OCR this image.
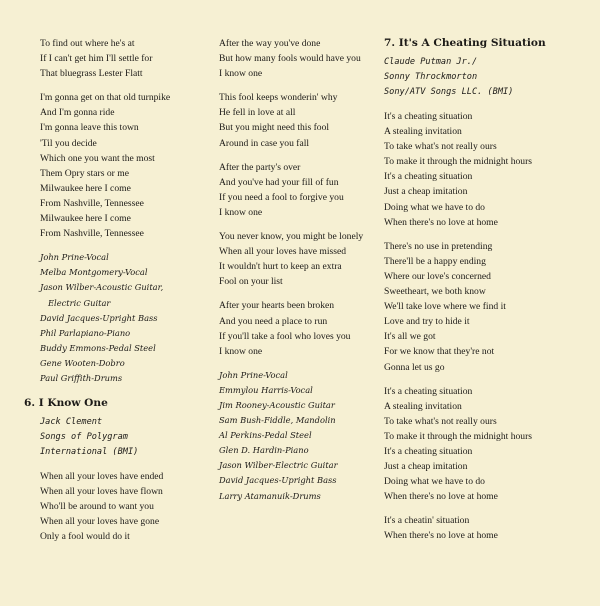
To find out where he's at
If I can't get him I'll settle for
That bluegrass Lester Flatt
I'm gonna get on that old turnpike
And I'm gonna ride
I'm gonna leave this town
'Til you decide
Which one you want the most
Them Opry stars or me
Milwaukee here I come
From Nashville, Tennessee
Milwaukee here I come
From Nashville, Tennessee
John Prine-Vocal
Melba Montgomery-Vocal
Jason Wilber-Acoustic Guitar,
Electric Guitar
David Jacques-Upright Bass
Phil Parlapiano-Piano
Buddy Emmons-Pedal Steel
Gene Wooten-Dobro
Paul Griffith-Drums
6. I Know One
Jack Clement
Songs of Polygram
International (BMI)
When all your loves have ended
When all your loves have flown
Who'll be around to want you
When all your loves have gone
Only a fool would do it
After the way you've done
But how many fools would have you
I know one
This fool keeps wonderin' why
He fell in love at all
But you might need this fool
Around in case you fall
After the party's over
And you've had your fill of fun
If you need a fool to forgive you
I know one
You never know, you might be lonely
When all your loves have missed
It wouldn't hurt to keep an extra
Fool on your list
After your hearts been broken
And you need a place to run
If you'll take a fool who loves you
I know one
John Prine-Vocal
Emmylou Harris-Vocal
Jim Rooney-Acoustic Guitar
Sam Bush-Fiddle, Mandolin
Al Perkins-Pedal Steel
Glen D. Hardin-Piano
Jason Wilber-Electric Guitar
David Jacques-Upright Bass
Larry Atamanuik-Drums
7. It's A Cheating Situation
Claude Putman Jr./
Sonny Throckmorton
Sony/ATV Songs LLC. (BMI)
It's a cheating situation
A stealing invitation
To take what's not really ours
To make it through the midnight hours
It's a cheating situation
Just a cheap imitation
Doing what we have to do
When there's no love at home
There's no use in pretending
There'll be a happy ending
Where our love's concerned
Sweetheart, we both know
We'll take love where we find it
Love and try to hide it
It's all we got
For we know that they're not
Gonna let us go
It's a cheating situation
A stealing invitation
To take what's not really ours
To make it through the midnight hours
It's a cheating situation
Just a cheap imitation
Doing what we have to do
When there's no love at home
It's a cheatin' situation
When there's no love at home
